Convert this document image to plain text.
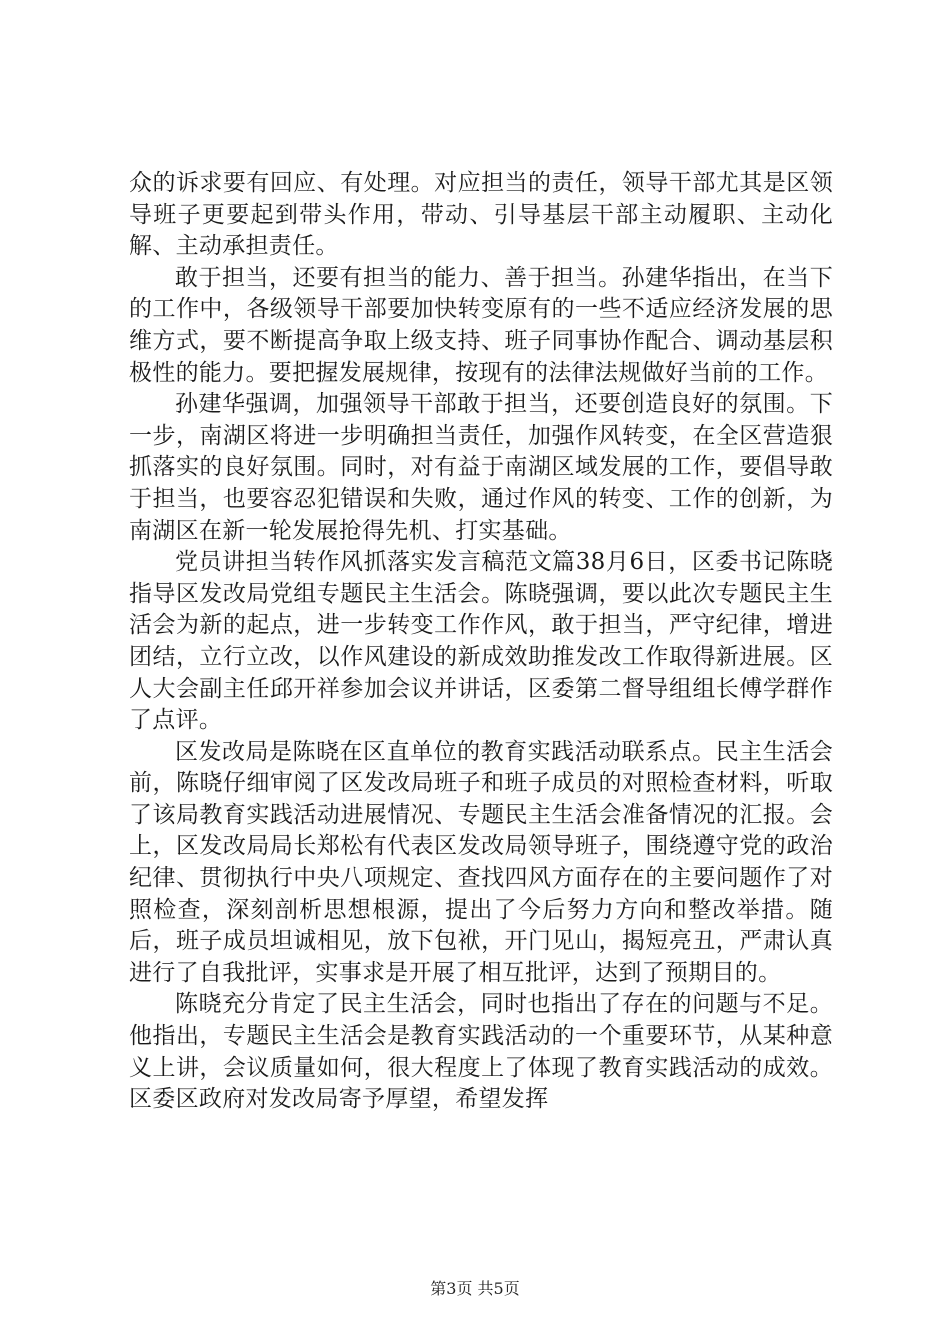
众的诉求要有回应、有处理。对应担当的责任，领导干部尤其是区领导班子更要起到带头作用，带动、引导基层干部主动履职、主动化解、主动承担责任。

敢于担当，还要有担当的能力、善于担当。孙建华指出，在当下的工作中，各级领导干部要加快转变原有的一些不适应经济发展的思维方式，要不断提高争取上级支持、班子同事协作配合、调动基层积极性的能力。要把握发展规律，按现有的法律法规做好当前的工作。

孙建华强调，加强领导干部敢于担当，还要创造良好的氛围。下一步，南湖区将进一步明确担当责任，加强作风转变，在全区营造狠抓落实的良好氛围。同时，对有益于南湖区域发展的工作，要倡导敢于担当，也要容忍犯错误和失败，通过作风的转变、工作的创新，为南湖区在新一轮发展抢得先机、打实基础。

党员讲担当转作风抓落实发言稿范文篇38月6日，区委书记陈晓指导区发改局党组专题民主生活会。陈晓强调，要以此次专题民主生活会为新的起点，进一步转变工作作风，敢于担当，严守纪律，增进团结，立行立改，以作风建设的新成效助推发改工作取得新进展。区人大会副主任邱开祥参加会议并讲话，区委第二督导组组长傅学群作了点评。

区发改局是陈晓在区直单位的教育实践活动联系点。民主生活会前，陈晓仔细审阅了区发改局班子和班子成员的对照检查材料，听取了该局教育实践活动进展情况、专题民主生活会准备情况的汇报。会上，区发改局局长郑松有代表区发改局领导班子，围绕遵守党的政治纪律、贯彻执行中央八项规定、查找四风方面存在的主要问题作了对照检查，深刻剖析思想根源，提出了今后努力方向和整改举措。随后，班子成员坦诚相见，放下包袱，开门见山，揭短亮丑，严肃认真进行了自我批评，实事求是开展了相互批评，达到了预期目的。

陈晓充分肯定了民主生活会，同时也指出了存在的问题与不足。他指出，专题民主生活会是教育实践活动的一个重要环节，从某种意义上讲，会议质量如何，很大程度上了体现了教育实践活动的成效。区委区政府对发改局寄予厚望，希望发挥

第3页 共5页
